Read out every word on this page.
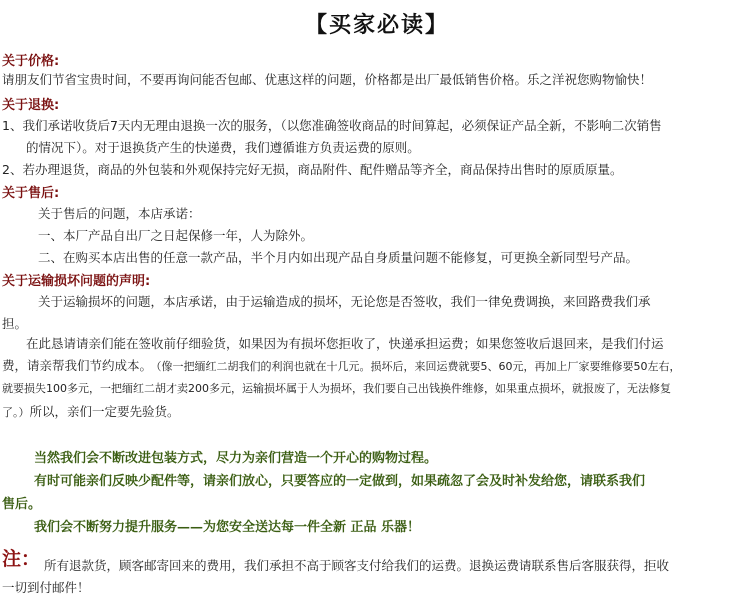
【买家必读】
关于价格:
请朋友们节省宝贵时间，不要再询问能否包邮、优惠这样的问题，价格都是出厂最低销售价格。乐之洋祝您购物愉快！
关于退换:
1、我们承诺收货后7天内无理由退换一次的服务，（以您准确签收商品的时间算起，必须保证产品全新，不影响二次销售
的情况下）。对于退换货产生的快递费，我们遵循谁方负责运费的原则。
2、若办理退货，商品的外包装和外观保持完好无损，商品附件、配件赠品等齐全，商品保持出售时的原质原量。
关于售后:
关于售后的问题，本店承诺：
一、本厂产品自出厂之日起保修一年，人为除外。
二、在购买本店出售的任意一款产品，半个月内如出现产品自身质量问题不能修复，可更换全新同型号产品。
关于运输损坏问题的声明:
关于运输损坏的问题，本店承诺，由于运输造成的损坏，无论您是否签收，我们一律免费调换，来回路费我们承
担。
在此恳请请亲们能在签收前仔细验货，如果因为有损坏您拒收了，快递承担运费；如果您签收后退回来，是我们付运
费，请亲帮我们节约成本。 （像一把缅红二胡我们的利润也就在十几元。损坏后，来回运费就要5、60元，再加上厂家要维修要50左右，
就要损失100多元，一把缅红二胡才卖200多元，运输损坏属于人为损坏，我们要自己出钱换件维修，如果重点损坏，就报废了，无法修复
了。）所以，亲们一定要先验货。
当然我们会不断改进包装方式，尽力为亲们营造一个开心的购物过程。
有时可能亲们反映少配件等，请亲们放心，只要答应的一定做到，如果疏忽了会及时补发给您，请联系我们
售后。
我们会不断努力提升服务——为您安全送达每一件全新 正品 乐器！
注： 所有退款货，顾客邮寄回来的费用，我们承担不高于顾客支付给我们的运费。退换运费请联系售后客服获得，拒收
一切到付邮件！
